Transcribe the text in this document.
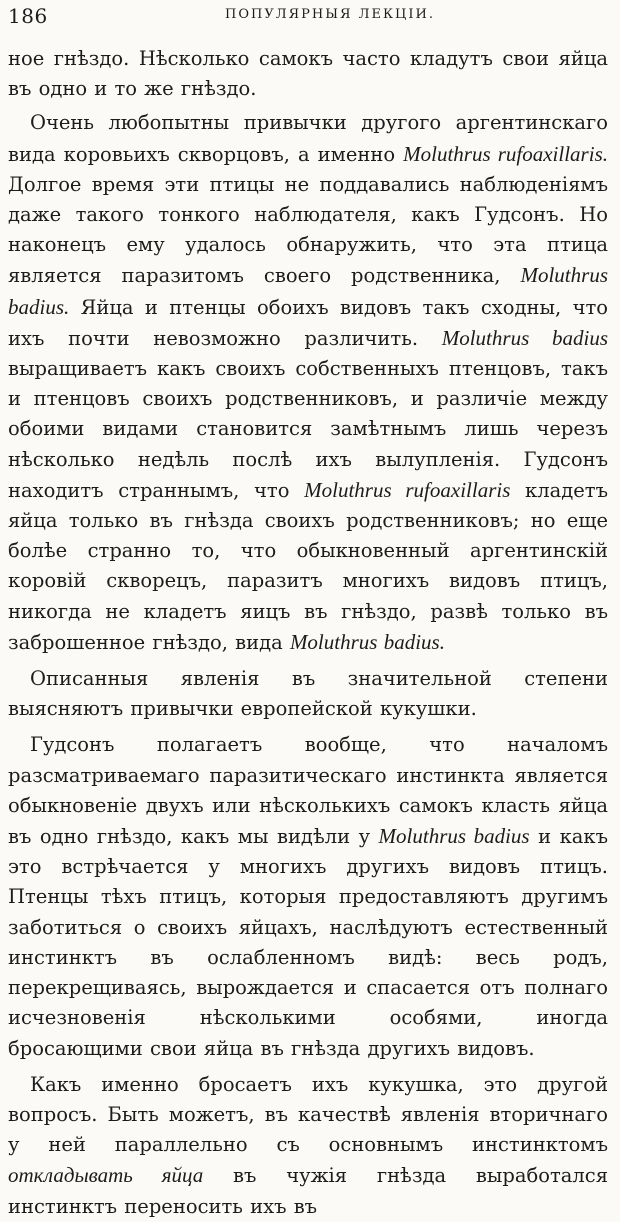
186	ПОПУЛЯРНЫЯ ЛЕКЦІИ.

ное гнѣздо. Нѣсколько самокъ часто кладутъ свои яйца въ одно и то же гнѣздо.

Очень любопытны привычки другого аргентинскаго вида коровьихъ скворцовъ, а именно Moluthrus rufoaxillaris. Долгое время эти птицы не поддавались наблюденіямъ даже такого тонкого наблюдателя, какъ Гудсонъ. Но наконецъ ему удалось обнаружить, что эта птица является паразитомъ своего родственника, Moluthrus badius. Яйца и птенцы обоихъ видовъ такъ сходны, что ихъ почти невозможно различить. Moluthrus badius выращиваетъ какъ своихъ собственныхъ птенцовъ, такъ и птенцовъ своихъ родственниковъ, и различіе между обоими видами становится замѣтнымъ лишь черезъ нѣсколько недѣль послѣ ихъ вылупленія. Гудсонъ находитъ страннымъ, что Moluthrus rufoaxillaris кладетъ яйца только въ гнѣзда своихъ родственниковъ; но еще болѣе странно то, что обыкновенный аргентинскій коровій скворецъ, паразитъ многихъ видовъ птицъ, никогда не кладетъ яицъ въ гнѣздо, развѣ только въ заброшенное гнѣздо, вида Moluthrus badius.

Описанныя явленія въ значительной степени выясняютъ привычки европейской кукушки.

Гудсонъ полагаетъ вообще, что началомъ разсматриваемаго паразитическаго инстинкта является обыкновеніе двухъ или нѣсколькихъ самокъ класть яйца въ одно гнѣздо, какъ мы видѣли у Moluthrus badius и какъ это встрѣчается у многихъ другихъ видовъ птицъ. Птенцы тѣхъ птицъ, которыя предоставляютъ другимъ заботиться о своихъ яйцахъ, наслѣдуютъ естественный инстинктъ въ ослабленномъ видѣ: весь родъ, перекрещиваясь, вырождается и спасается отъ полнаго исчезновенія нѣсколькими особями, иногда бросающими свои яйца въ гнѣзда другихъ видовъ.

Какъ именно бросаетъ ихъ кукушка, это другой вопросъ. Быть можетъ, въ качествѣ явленія вторичнаго у ней параллельно съ основнымъ инстинктомъ откладывать яйца въ чужія гнѣзда выработался инстинктъ переносить ихъ въ
